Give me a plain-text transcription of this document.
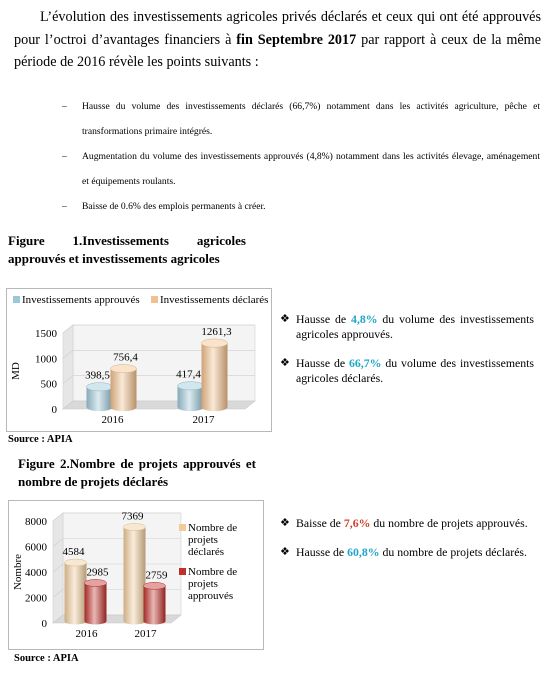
L’évolution des investissements agricoles privés déclarés et ceux qui ont été approuvés pour l’octroi d’avantages financiers à fin Septembre 2017 par rapport à ceux de la même période de 2016 révèle les points suivants :
– Hausse du volume des investissements déclarés (66,7%) notamment dans les activités agriculture, pêche et transformations primaire intégrés.
– Augmentation du volume des investissements approuvés (4,8%) notamment dans les activités élevage, aménagement et équipements roulants.
– Baisse de 0.6% des emplois permanents à créer.
Figure 1.Investissements agricoles approuvés et investissements agricoles
0
500
1000
1500
MD
2016
398,5
756,4
2017
417,4
1261,3
Investissements approuvés Investissements déclarés
Source : APIA
❖ Hausse de 4,8% du volume des investissements agricoles approuvés.
❖ Hausse de 66,7% du volume des investissements agricoles déclarés.
Figure 2.Nombre de projets approuvés et nombre de projets déclarés
0
2000
4000
6000
8000
Nombre
2016
4584
2985
2017
7369
2759
Nombre de
projets
déclarés
Nombre de
projets
approuvés
Source : APIA
❖ Baisse de 7,6% du nombre de projets approuvés.
❖ Hausse de 60,8% du nombre de projets déclarés.
